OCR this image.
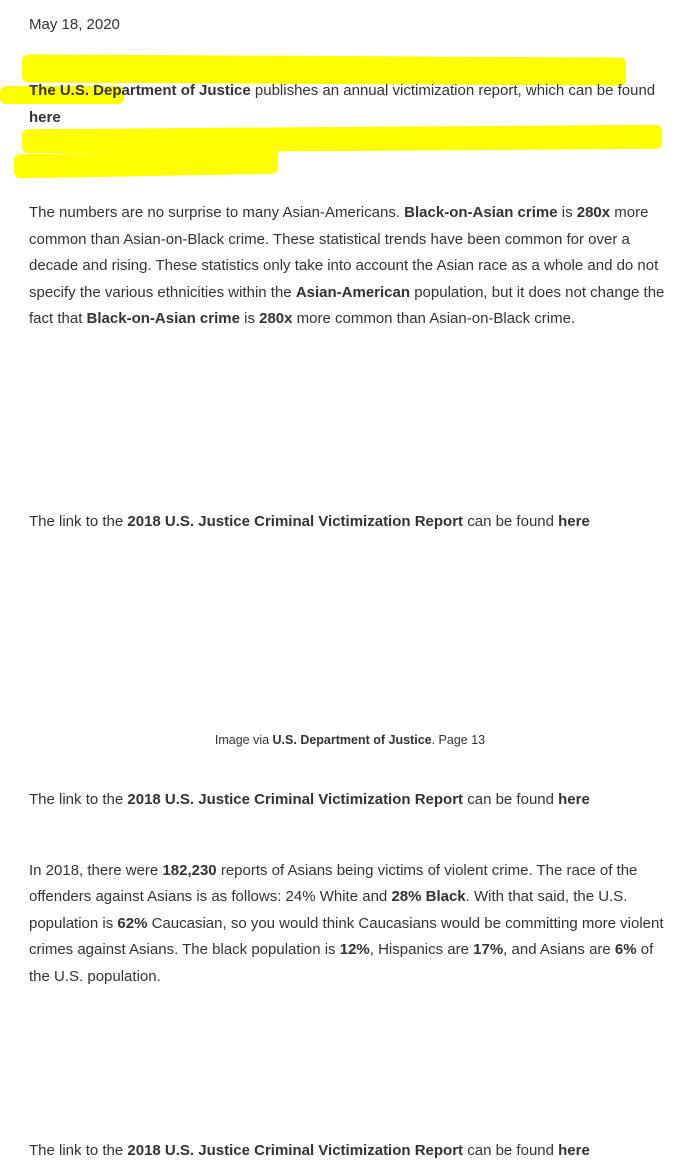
May 18, 2020

The U.S. Department of Justice publishes an annual victimization report, which can be found here

The numbers are no surprise to many Asian-Americans. Black-on-Asian crime is 280x more common than Asian-on-Black crime. These statistical trends have been common for over a decade and rising. These statistics only take into account the Asian race as a whole and do not specify the various ethnicities within the Asian-American population, but it does not change the fact that Black-on-Asian crime is 280x more common than Asian-on-Black crime.

The link to the 2018 U.S. Justice Criminal Victimization Report can be found here

Image via U.S. Department of Justice. Page 13

The link to the 2018 U.S. Justice Criminal Victimization Report can be found here

In 2018, there were 182,230 reports of Asians being victims of violent crime. The race of the offenders against Asians is as follows: 24% White and 28% Black. With that said, the U.S. population is 62% Caucasian, so you would think Caucasians would be committing more violent crimes against Asians. The black population is 12%, Hispanics are 17%, and Asians are 6% of the U.S. population.

The link to the 2018 U.S. Justice Criminal Victimization Report can be found here
